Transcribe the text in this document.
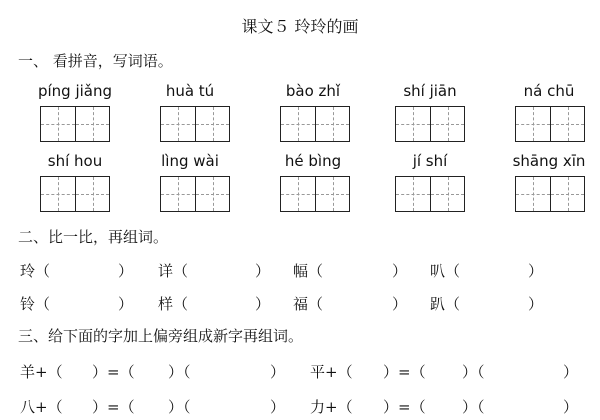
课文５ 玲玲的画
一、 看拼音，写词语。
píng jiǎng	huà tú	bào zhǐ	shí jiān	ná chū
shí hou	lìng wài	hé bìng	jí shí	shāng xīn
二、比一比，再组词。
玲（	） 详（	） 幅（	） 叭（	）
铃（	） 样（	） 福（	） 趴（	）
三、给下面的字加上偏旁组成新字再组词。
羊+（ ）=（ ）（	） 平+（ ）=（ ）（	）
八+（ ）=（ ）（	） 力+（ ）=（ ）（	）
